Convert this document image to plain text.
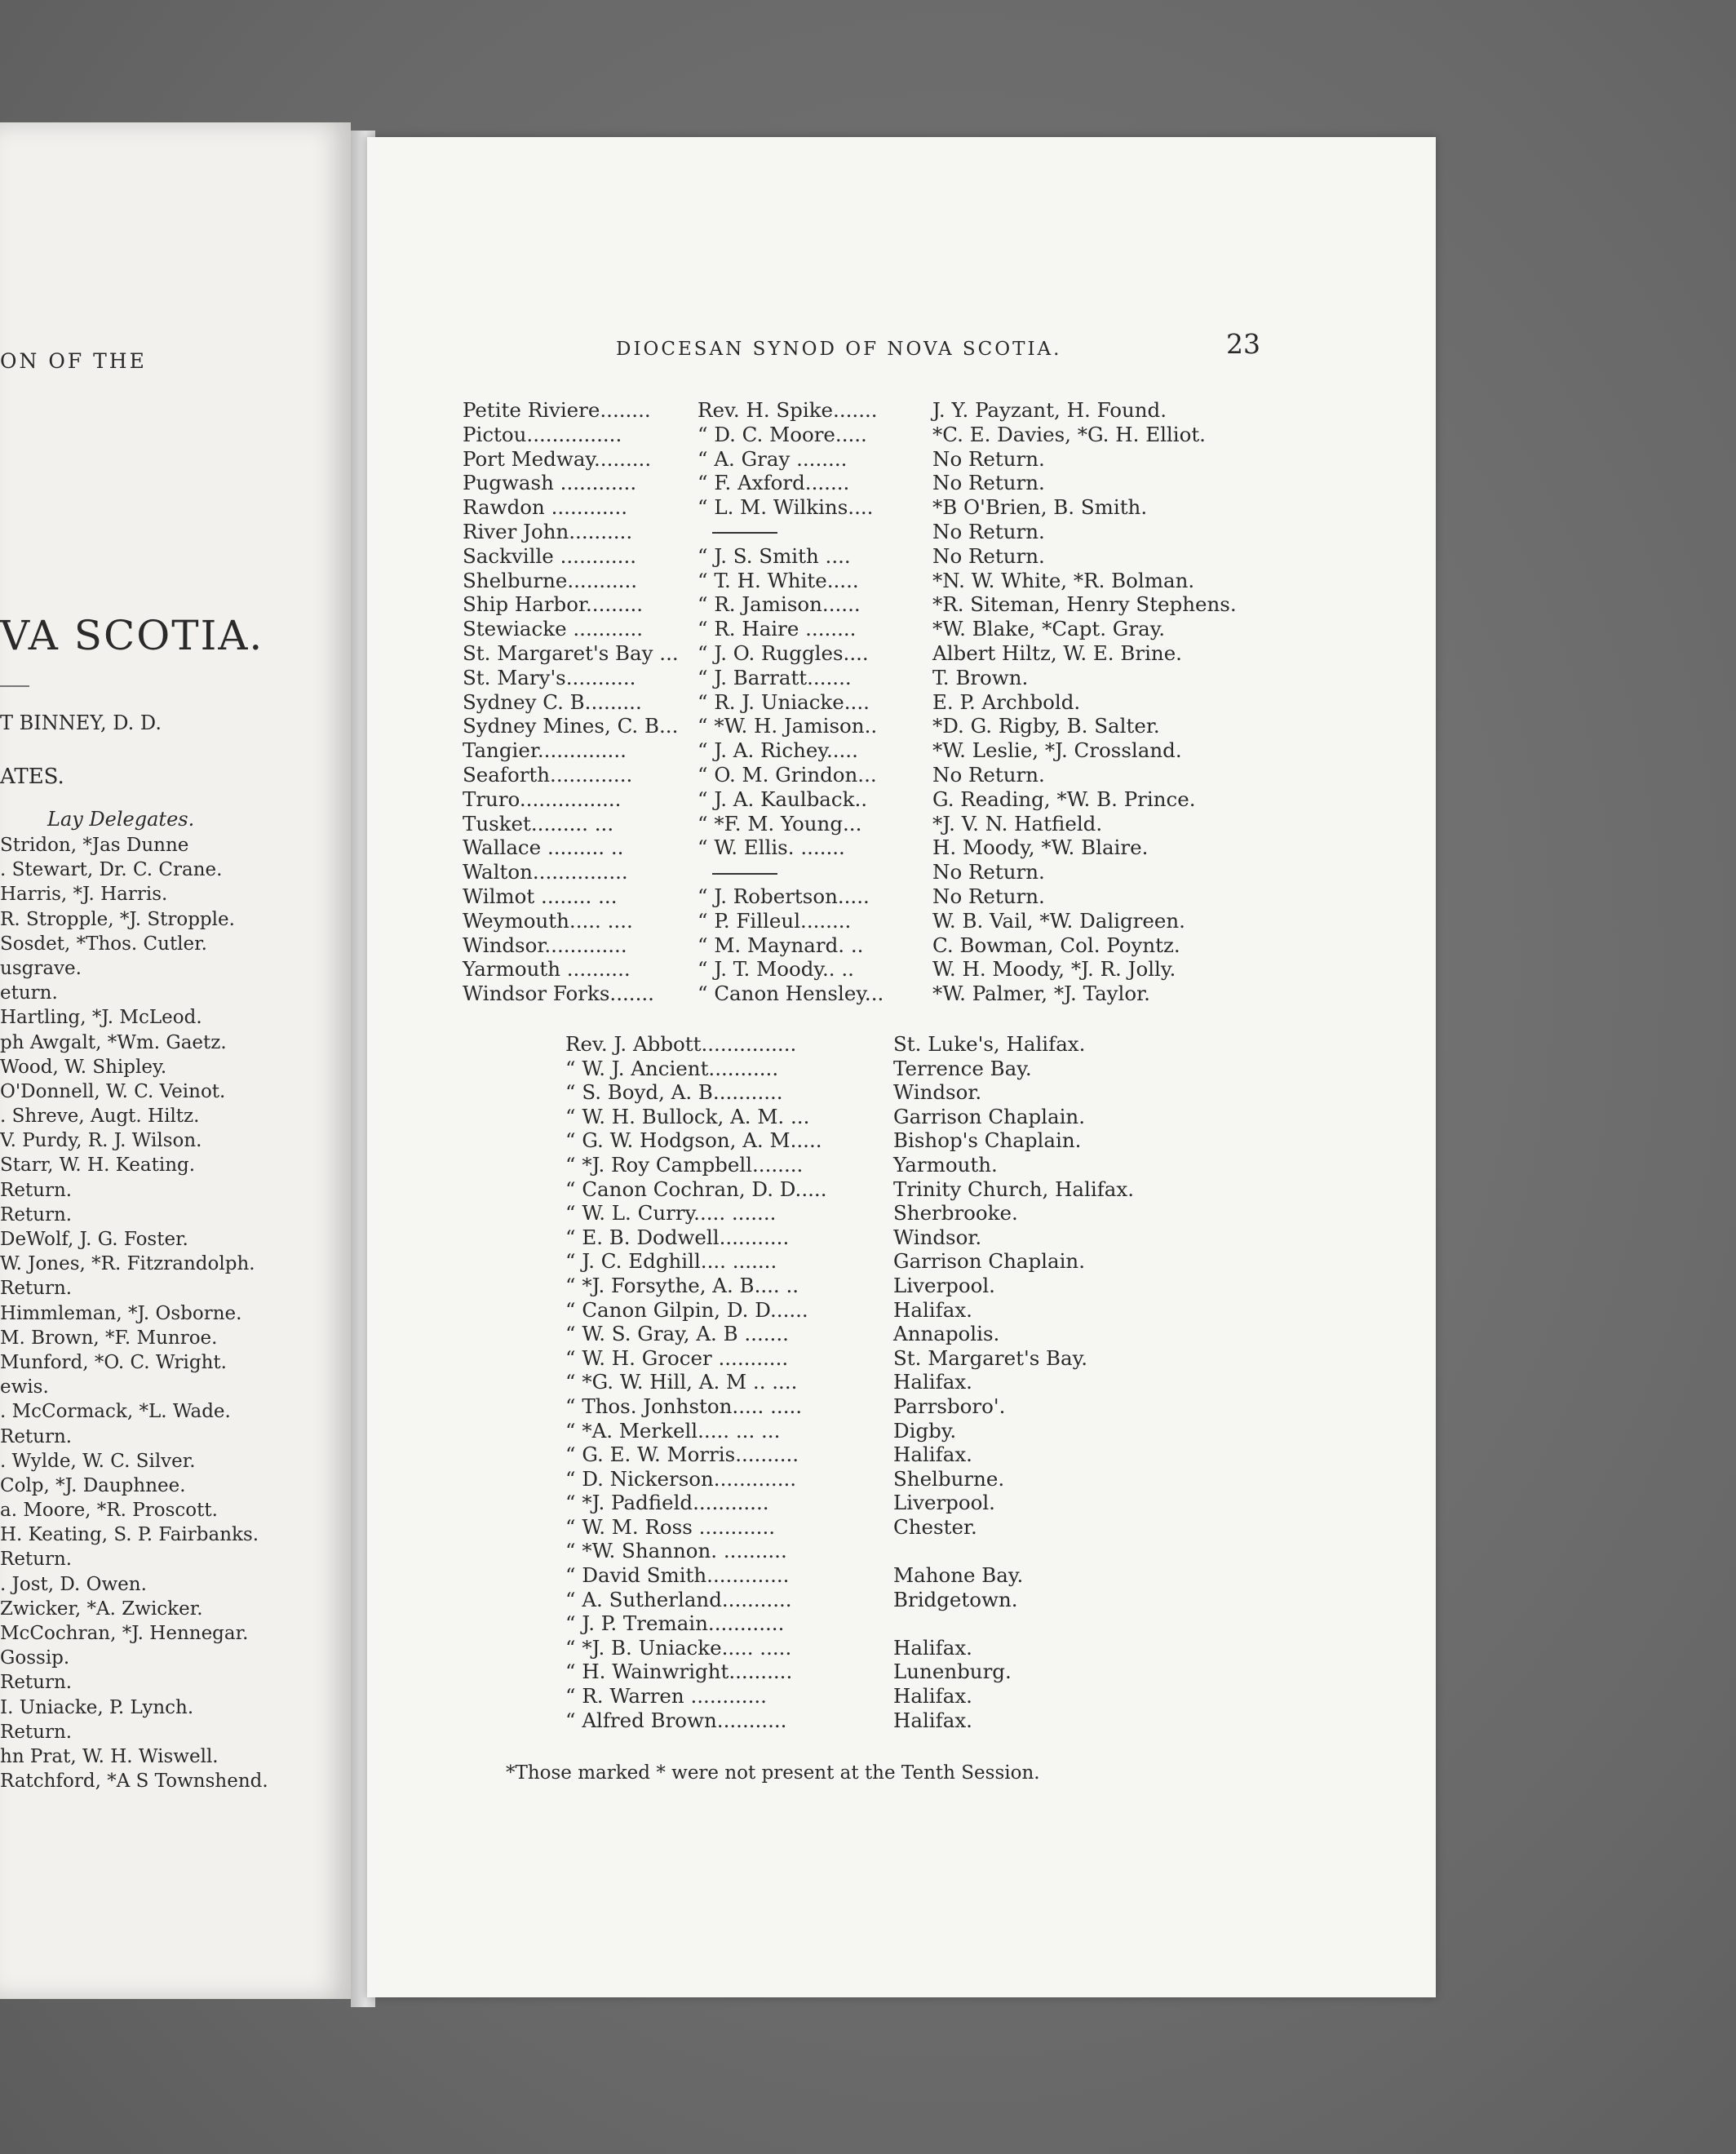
ON OF THE
VA SCOTIA.
T BINNEY, D. D.
ATES.
Lay Delegates.
Stridon, *Jas Dunne
. Stewart, Dr. C. Crane.
Harris, *J. Harris.
R. Stropple, *J. Stropple.
Sosdet, *Thos. Cutler.
usgrave.
eturn.
Hartling, *J. McLeod.
ph Awgalt, *Wm. Gaetz.
Wood, W. Shipley.
O'Donnell, W. C. Veinot.
. Shreve, Augt. Hiltz.
V. Purdy, R. J. Wilson.
Starr, W. H. Keating.
Return.
Return.
DeWolf, J. G. Foster.
W. Jones, *R. Fitzrandolph.
Return.
Himmleman, *J. Osborne.
M. Brown, *F. Munroe.
Munford, *O. C. Wright.
ewis.
. McCormack, *L. Wade.
Return.
. Wylde, W. C. Silver.
Colp, *J. Dauphnee.
a. Moore, *R. Proscott.
H. Keating, S. P. Fairbanks.
Return.
. Jost, D. Owen.
Zwicker, *A. Zwicker.
McCochran, *J. Hennegar.
Gossip.
Return.
I. Uniacke, P. Lynch.
Return.
hn Prat, W. H. Wiswell.
Ratchford, *A S Townshend.
DIOCESAN SYNOD OF NOVA SCOTIA.	23
Petite Riviere........ Rev. H. Spike.......	J. Y. Payzant, H. Found.
Pictou...............	“ D. C. Moore.....	*C. E. Davies, *G. H. Elliot.
Port Medway......... “ A. Gray ........	No Return.
Pugwash ............	“ F. Axford.......	No Return.
Rawdon ............	“ L. M. Wilkins....	*B O'Brien, B. Smith.
River John..........	No Return.
Sackville ............	“ J. S. Smith ....	No Return.
Shelburne...........	“ T. H. White.....	*N. W. White, *R. Bolman.
Ship Harbor.........	“ R. Jamison......	*R. Siteman, Henry Stephens.
Stewiacke ...........	“ R. Haire ........	*W. Blake, *Capt. Gray.
St. Margaret's Bay ... “ J. O. Ruggles....	Albert Hiltz, W. E. Brine.
St. Mary's...........	“ J. Barratt.......	T. Brown.
Sydney C. B.........	“ R. J. Uniacke....	E. P. Archbold.
Sydney Mines, C. B... “ *W. H. Jamison..	*D. G. Rigby, B. Salter.
Tangier..............	“ J. A. Richey.....	*W. Leslie, *J. Crossland.
Seaforth.............	“ O. M. Grindon...	No Return.
Truro................	“ J. A. Kaulback..	G. Reading, *W. B. Prince.
Tusket......... ...	“ *F. M. Young...	*J. V. N. Hatfield.
Wallace ......... ..	“ W. Ellis. .......	H. Moody, *W. Blaire.
Walton...............	No Return.
Wilmot ........ ...	“ J. Robertson.....	No Return.
Weymouth..... ....	“ P. Filleul........	W. B. Vail, *W. Daligreen.
Windsor.............	“ M. Maynard. ..	C. Bowman, Col. Poyntz.
Yarmouth ..........	“ J. T. Moody.. ..	W. H. Moody, *J. R. Jolly.
Windsor Forks....... “ Canon Hensley... *W. Palmer, *J. Taylor.
Rev. J. Abbott...............	St. Luke's, Halifax.
“ W. J. Ancient...........	Terrence Bay.
“ S. Boyd, A. B...........	Windsor.
“ W. H. Bullock, A. M. ...	Garrison Chaplain.
“ G. W. Hodgson, A. M.....	Bishop's Chaplain.
“ *J. Roy Campbell........	Yarmouth.
“ Canon Cochran, D. D.....	Trinity Church, Halifax.
“ W. L. Curry..... .......	Sherbrooke.
“ E. B. Dodwell...........	Windsor.
“ J. C. Edghill.... .......	Garrison Chaplain.
“ *J. Forsythe, A. B.... ..	Liverpool.
“ Canon Gilpin, D. D......	Halifax.
“ W. S. Gray, A. B .......	Annapolis.
“ W. H. Grocer ...........	St. Margaret's Bay.
“ *G. W. Hill, A. M .. ....	Halifax.
“ Thos. Jonhston..... .....	Parrsboro'.
“ *A. Merkell..... ... ...	Digby.
“ G. E. W. Morris..........	Halifax.
“ D. Nickerson.............	Shelburne.
“ *J. Padfield............	Liverpool.
“ W. M. Ross ............	Chester.
“ *W. Shannon. ..........
“ David Smith.............	Mahone Bay.
“ A. Sutherland...........	Bridgetown.
“ J. P. Tremain............
“ *J. B. Uniacke..... .....	Halifax.
“ H. Wainwright..........	Lunenburg.
“ R. Warren ............	Halifax.
“ Alfred Brown...........	Halifax.
*Those marked * were not present at the Tenth Session.
